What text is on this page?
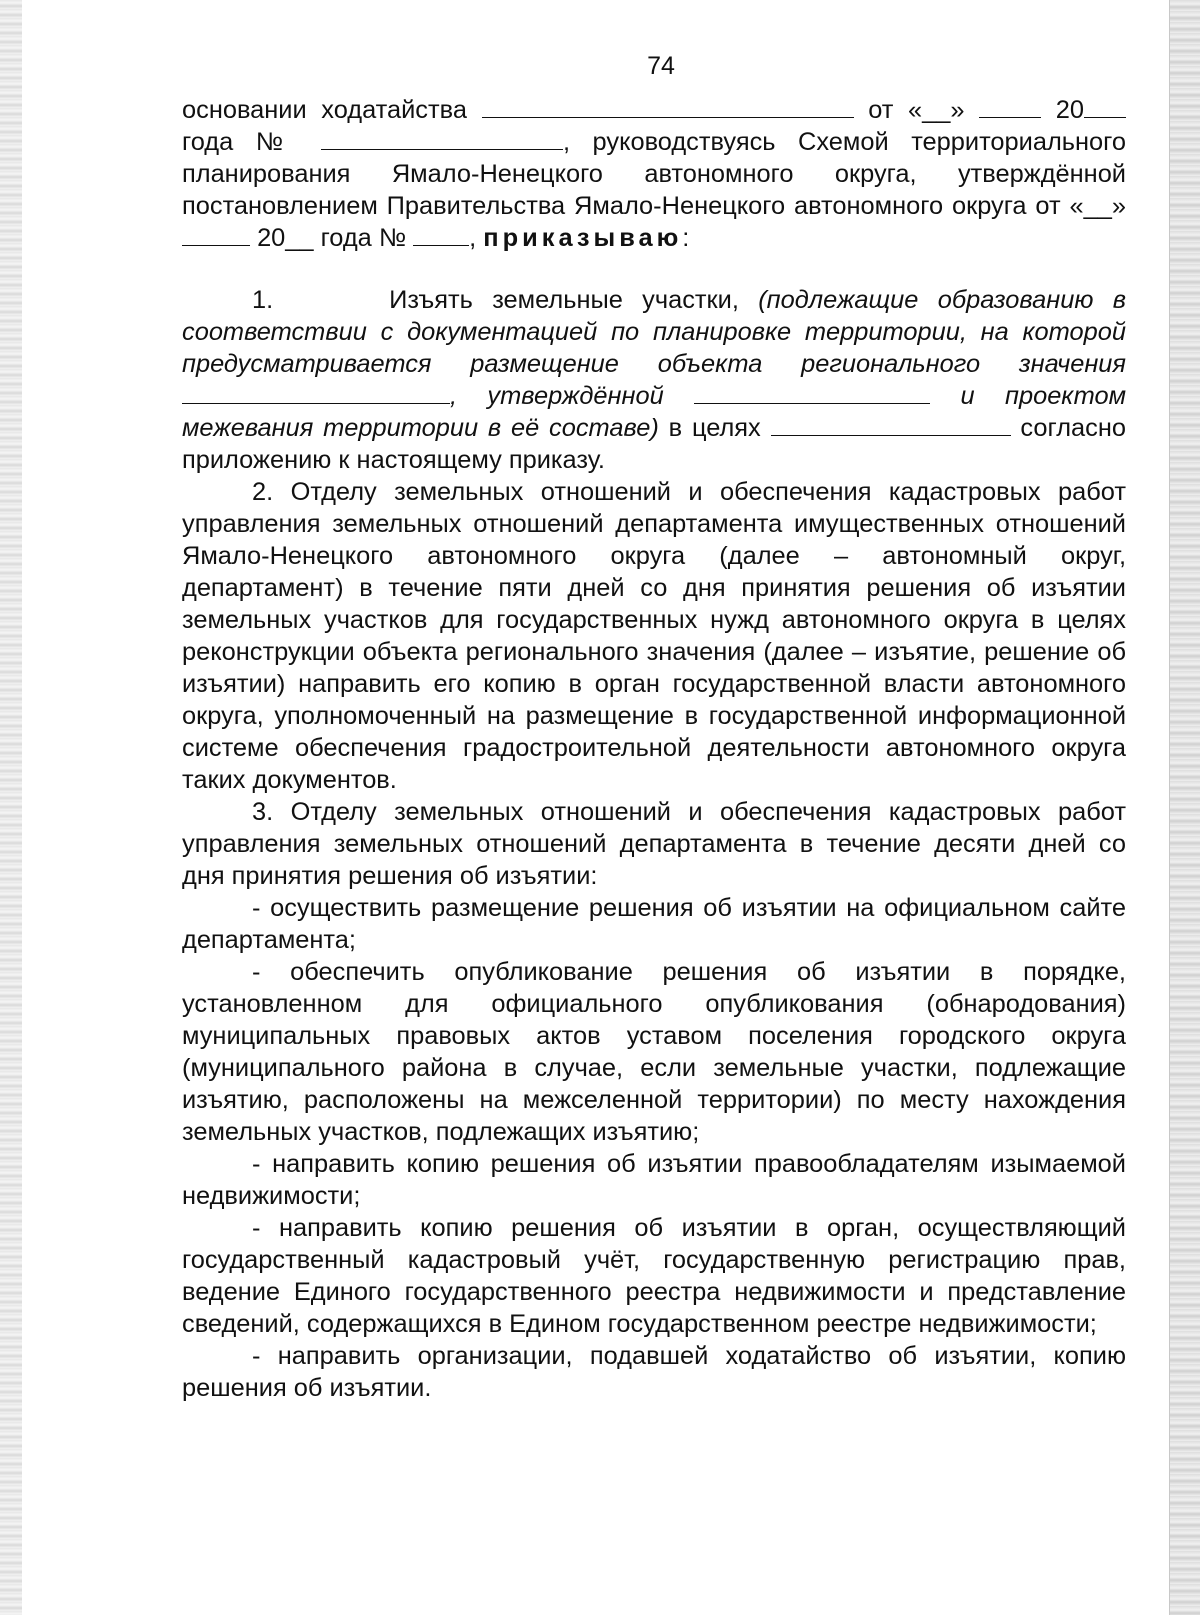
74

основании ходатайства	от «__»	20 года №	, руководствуясь Схемой территориального планирования Ямало-Ненецкого автономного округа, утверждённой постановлением Правительства Ямало-Ненецкого автономного округа от «__»  20__ года № , приказываю:

1.	Изъять земельные участки, (подлежащие образованию в соответствии с документацией по планировке территории, на которой предусматривается размещение объекта регионального значения , утверждённой	и проектом межевания территории в её составе) в целях	согласно приложению к настоящему приказу.

2. Отделу земельных отношений и обеспечения кадастровых работ управления земельных отношений департамента имущественных отношений Ямало-Ненецкого автономного округа (далее – автономный округ, департамент) в течение пяти дней со дня принятия решения об изъятии земельных участков для государственных нужд автономного округа в целях реконструкции объекта регионального значения (далее – изъятие, решение об изъятии) направить его копию в орган государственной власти автономного округа, уполномоченный на размещение в государственной информационной системе обеспечения градостроительной деятельности автономного округа таких документов.

3. Отделу земельных отношений и обеспечения кадастровых работ управления земельных отношений департамента в течение десяти дней со дня принятия решения об изъятии:

- осуществить размещение решения об изъятии на официальном сайте департамента;

- обеспечить опубликование решения об изъятии в порядке, установленном для официального опубликования (обнародования) муниципальных правовых актов уставом поселения городского округа (муниципального района в случае, если земельные участки, подлежащие изъятию, расположены на межселенной территории) по месту нахождения земельных участков, подлежащих изъятию;

- направить копию решения об изъятии правообладателям изымаемой недвижимости;

- направить копию решения об изъятии в орган, осуществляющий государственный кадастровый учёт, государственную регистрацию прав, ведение Единого государственного реестра недвижимости и представление сведений, содержащихся в Едином государственном реестре недвижимости;

- направить организации, подавшей ходатайство об изъятии, копию решения об изъятии.
